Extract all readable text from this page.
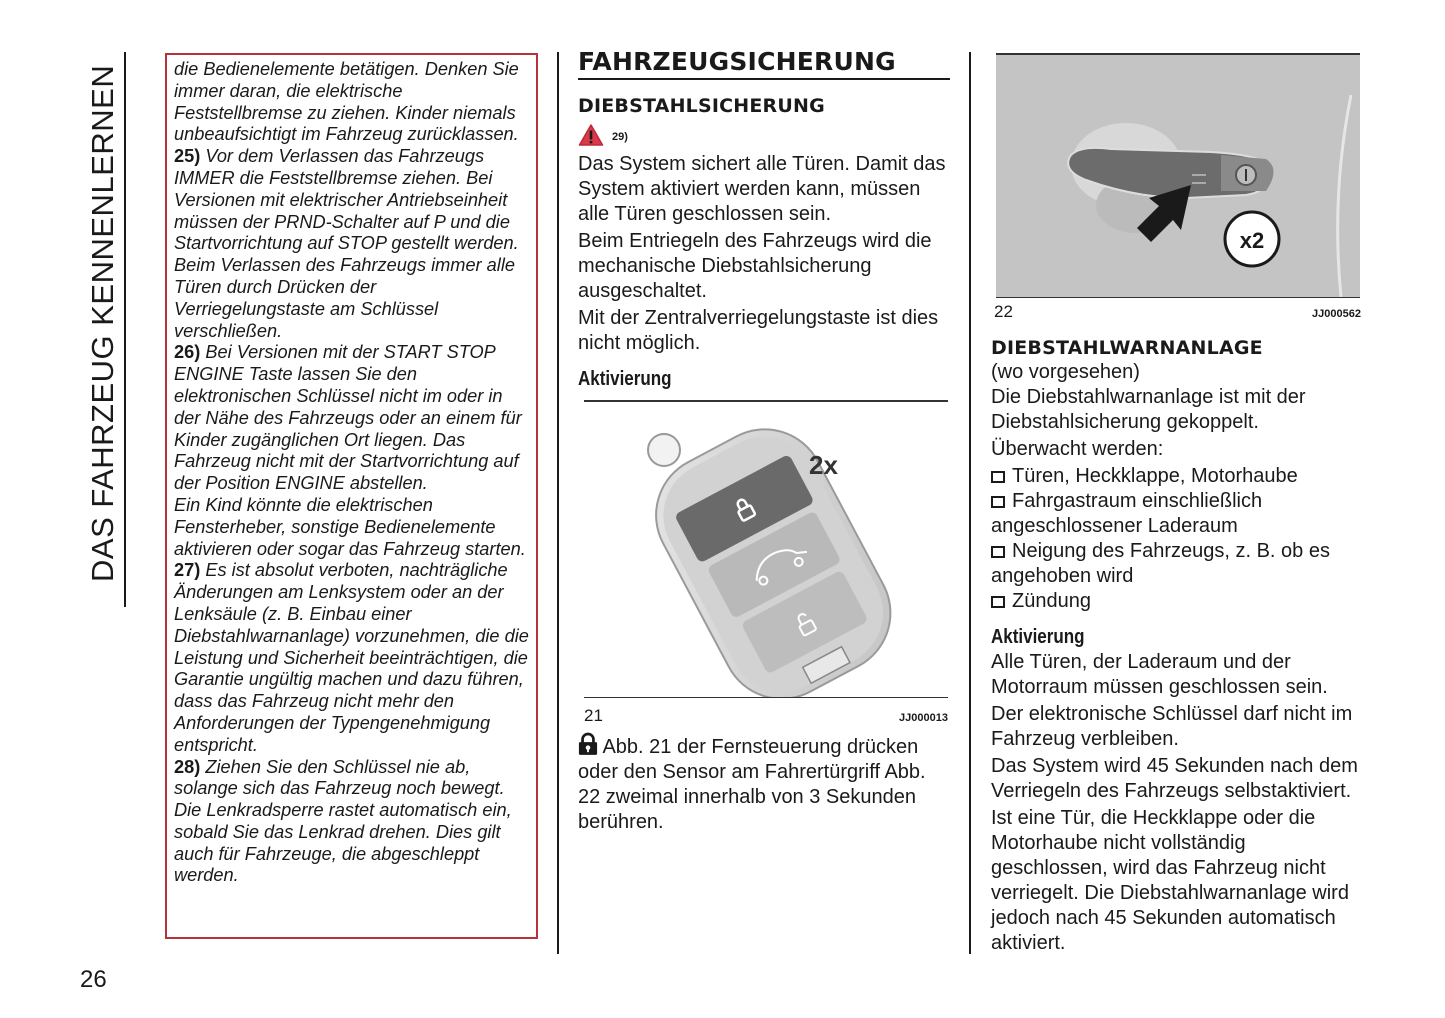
DAS FAHRZEUG KENNENLERNEN	die Bedienelemente betätigen. Denken Sie immer daran, die elektrische Feststellbremse zu ziehen. Kinder niemals unbeaufsichtigt im Fahrzeug zurücklassen.

25) Vor dem Verlassen das Fahrzeugs IMMER die Feststellbremse ziehen. Bei Versionen mit elektrischer Antriebseinheit müssen der PRND-Schalter auf P und die Startvorrichtung auf STOP gestellt werden. Beim Verlassen des Fahrzeugs immer alle Türen durch Drücken der Verriegelungstaste am Schlüssel verschließen.

26) Bei Versionen mit der START STOP ENGINE Taste lassen Sie den elektronischen Schlüssel nicht im oder in der Nähe des Fahrzeugs oder an einem für Kinder zugänglichen Ort liegen. Das Fahrzeug nicht mit der Startvorrichtung auf der Position ENGINE abstellen.

Ein Kind könnte die elektrischen Fensterheber, sonstige Bedienelemente aktivieren oder sogar das Fahrzeug starten.

27) Es ist absolut verboten, nachträgliche Änderungen am Lenksystem oder an der Lenksäule (z. B. Einbau einer Diebstahlwarnanlage) vorzunehmen, die die Leistung und Sicherheit beeinträchtigen, die Garantie ungültig machen und dazu führen, dass das Fahrzeug nicht mehr den Anforderungen der Typengenehmigung entspricht.

28) Ziehen Sie den Schlüssel nie ab, solange sich das Fahrzeug noch bewegt. Die Lenkradsperre rastet automatisch ein, sobald Sie das Lenkrad drehen. Dies gilt auch für Fahrzeuge, die abgeschleppt werden.

FAHRZEUGSICHERUNG
DIEBSTAHLSICHERUNG
29)

Das System sichert alle Türen. Damit das System aktiviert werden kann, müssen alle Türen geschlossen sein.

Beim Entriegeln des Fahrzeugs wird die mechanische Diebstahlsicherung ausgeschaltet.

Mit der Zentralverriegelungstaste ist dies nicht möglich.

Aktivierung
2x
21	JJ000013

Abb. 21 der Fernsteuerung drücken oder den Sensor am Fahrertürgriff Abb. 22 zweimal innerhalb von 3 Sekunden berühren.

x2
22	JJ000562
DIEBSTAHLWARNANLAGE

(wo vorgesehen)

Die Diebstahlwarnanlage ist mit der Diebstahlsicherung gekoppelt.

Überwacht werden:

Türen, Heckklappe, Motorhaube
Fahrgastraum einschließlich angeschlossener Laderaum
Neigung des Fahrzeugs, z. B. ob es angehoben wird
Zündung
Aktivierung

Alle Türen, der Laderaum und der Motorraum müssen geschlossen sein.

Der elektronische Schlüssel darf nicht im Fahrzeug verbleiben.

Das System wird 45 Sekunden nach dem Verriegeln des Fahrzeugs selbstaktiviert.

Ist eine Tür, die Heckklappe oder die Motorhaube nicht vollständig geschlossen, wird das Fahrzeug nicht verriegelt. Die Diebstahlwarnanlage wird jedoch nach 45 Sekunden automatisch aktiviert.

26
